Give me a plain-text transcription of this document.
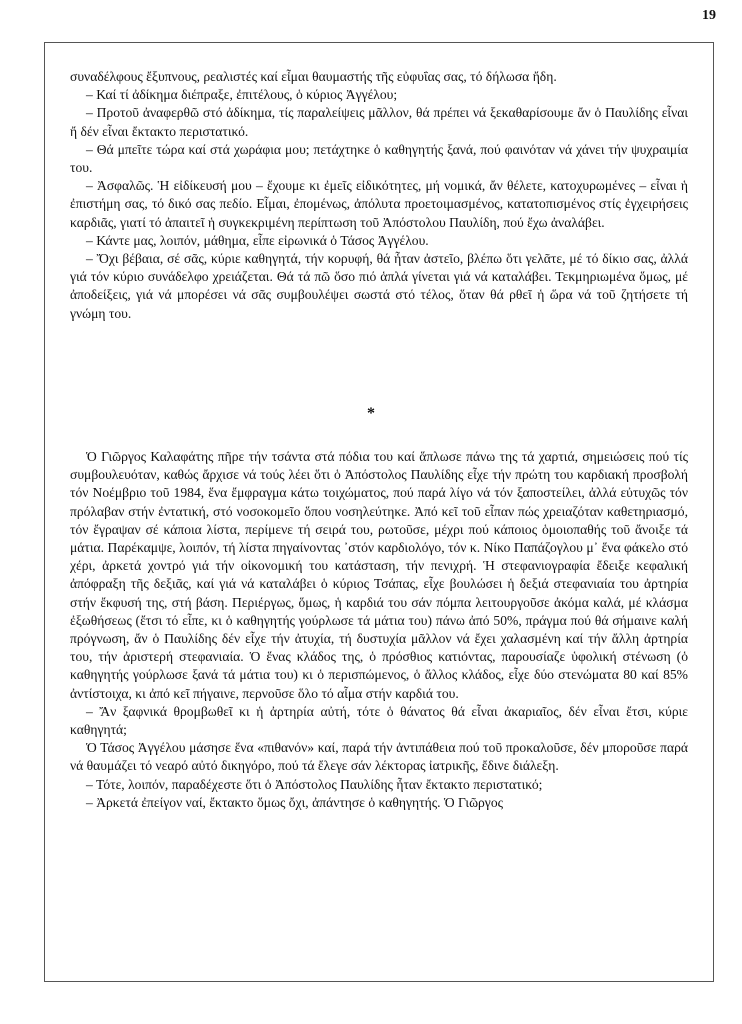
19

συναδέλφους ἔξυπνους, ρεαλιστές καί εἶμαι θαυμαστής τῆς εὐφυΐας σας, τό δήλωσα ἤδη.

– Καί τί ἀδίκημα διέπραξε, ἐπιτέλους, ὁ κύριος Ἀγγέλου;

– Προτοῦ ἀναφερθῶ στό ἀδίκημα, τίς παραλείψεις μᾶλλον, θά πρέπει νά ξεκαθαρίσουμε ἄν ὁ Παυλίδης εἶναι ἤ δέν εἶναι ἔκτακτο περιστατικό.

– Θά μπεῖτε τώρα καί στά χωράφια μου; πετάχτηκε ὁ καθηγητής ξανά, πού φαινόταν νά χάνει τήν ψυχραιμία του.

– Ἀσφαλῶς. Ἡ εἰδίκευσή μου – ἔχουμε κι ἐμεῖς εἰδικότητες, μή νομικά, ἄν θέλετε, κατοχυρωμένες – εἶναι ἡ ἐπιστήμη σας, τό δικό σας πεδίο. Εἶμαι, ἐπομένως, ἀπόλυτα προετοιμασμένος, κατατοπισμένος στίς ἐγχειρήσεις καρδιᾶς, γιατί τό ἀπαιτεῖ ἡ συγκεκριμένη περίπτωση τοῦ Ἀπόστολου Παυλίδη, πού ἔχω ἀναλάβει.

– Κάντε μας, λοιπόν, μάθημα, εἶπε εἰρωνικά ὁ Τάσος Ἀγγέλου.

– Ὄχι βέβαια, σέ σᾶς, κύριε καθηγητά, τήν κορυφή, θά ἦταν ἀστεῖο, βλέπω ὅτι γελᾶτε, μέ τό δίκιο σας, ἀλλά γιά τόν κύριο συνάδελφο χρειάζεται. Θά τά πῶ ὅσο πιό ἁπλά γίνεται γιά νά καταλάβει. Τεκμηριωμένα ὅμως, μέ ἀποδείξεις, γιά νά μπορέσει νά σᾶς συμβουλέψει σωστά στό τέλος, ὅταν θά ρθεῖ ἡ ὥρα νά τοῦ ζητήσετε τή γνώμη του.

*

Ὁ Γιῶργος Καλαφάτης πῆρε τήν τσάντα στά πόδια του καί ἅπλωσε πάνω της τά χαρτιά, σημειώσεις πού τίς συμβουλευόταν, καθώς ἄρχισε νά τούς λέει ὅτι ὁ Ἀπόστολος Παυλίδης εἶχε τήν πρώτη του καρδιακή προσβολή τόν Νοέμβριο τοῦ 1984, ἕνα ἔμφραγμα κάτω τοιχώματος, πού παρά λίγο νά τόν ξαποστείλει, ἀλλά εὐτυχῶς τόν πρόλαβαν στήν ἐντατική, στό νοσοκομεῖο ὅπου νοσηλεύτηκε. Ἀπό κεῖ τοῦ εἶπαν πώς χρειαζόταν καθετηριασμό, τόν ἔγραψαν σέ κάποια λίστα, περίμενε τή σειρά του, ρωτοῦσε, μέχρι πού κάποιος ὁμοιοπαθής τοῦ ἄνοιξε τά μάτια. Παρέκαμψε, λοιπόν, τή λίστα πηγαίνοντας ᾿στόν καρδιολόγο, τόν κ. Νίκο Παπάζογλου μ᾿ ἕνα φάκελο στό χέρι, ἀρκετά χοντρό γιά τήν οἰκονομική του κατάσταση, τήν πενιχρή. Ἡ στεφανιογραφία ἔδειξε κεφαλική ἀπόφραξη τῆς δεξιᾶς, καί γιά νά καταλάβει ὁ κύριος Τσάπας, εἶχε βουλώσει ἡ δεξιά στεφανιαία του ἀρτηρία στήν ἔκφυσή της, στή βάση. Περιέργως, ὅμως, ἡ καρδιά του σάν πόμπα λειτουργοῦσε ἀκόμα καλά, μέ κλάσμα ἐξωθήσεως (ἔτσι τό εἶπε, κι ὁ καθηγητής γούρλωσε τά μάτια του) πάνω ἀπό 50%, πράγμα πού θά σήμαινε καλή πρόγνωση, ἄν ὁ Παυλίδης δέν εἶχε τήν ἀτυχία, τή δυστυχία μᾶλλον νά ἔχει χαλασμένη καί τήν ἄλλη ἀρτηρία του, τήν ἀριστερή στεφανιαία. Ὁ ἕνας κλάδος της, ὁ πρόσθιος κατιόντας, παρουσίαζε ὑφολική στένωση (ὁ καθηγητής γούρλωσε ξανά τά μάτια του) κι ὁ περισπώμενος, ὁ ἄλλος κλάδος, εἶχε δύο στενώματα 80 καί 85% ἀντίστοιχα, κι ἀπό κεῖ πήγαινε, περνοῦσε ὅλο τό αἷμα στήν καρδιά του.

– Ἄν ξαφνικά θρομβωθεῖ κι ἡ ἀρτηρία αὐτή, τότε ὁ θάνατος θά εἶναι ἀκαριαῖος, δέν εἶναι ἔτσι, κύριε καθηγητά;

Ὁ Τάσος Ἀγγέλου μάσησε ἕνα «πιθανόν» καί, παρά τήν ἀντιπάθεια πού τοῦ προκαλοῦσε, δέν μποροῦσε παρά νά θαυμάζει τό νεαρό αὐτό δικηγόρο, πού τά ἔλεγε σάν λέκτορας ἰατρικῆς, ἔδινε διάλεξη.

– Τότε, λοιπόν, παραδέχεστε ὅτι ὁ Ἀπόστολος Παυλίδης ἦταν ἔκτακτο περιστατικό;

– Ἀρκετά ἐπείγον ναί, ἔκτακτο ὅμως ὄχι, ἀπάντησε ὁ καθηγητής. Ὁ Γιῶργος
